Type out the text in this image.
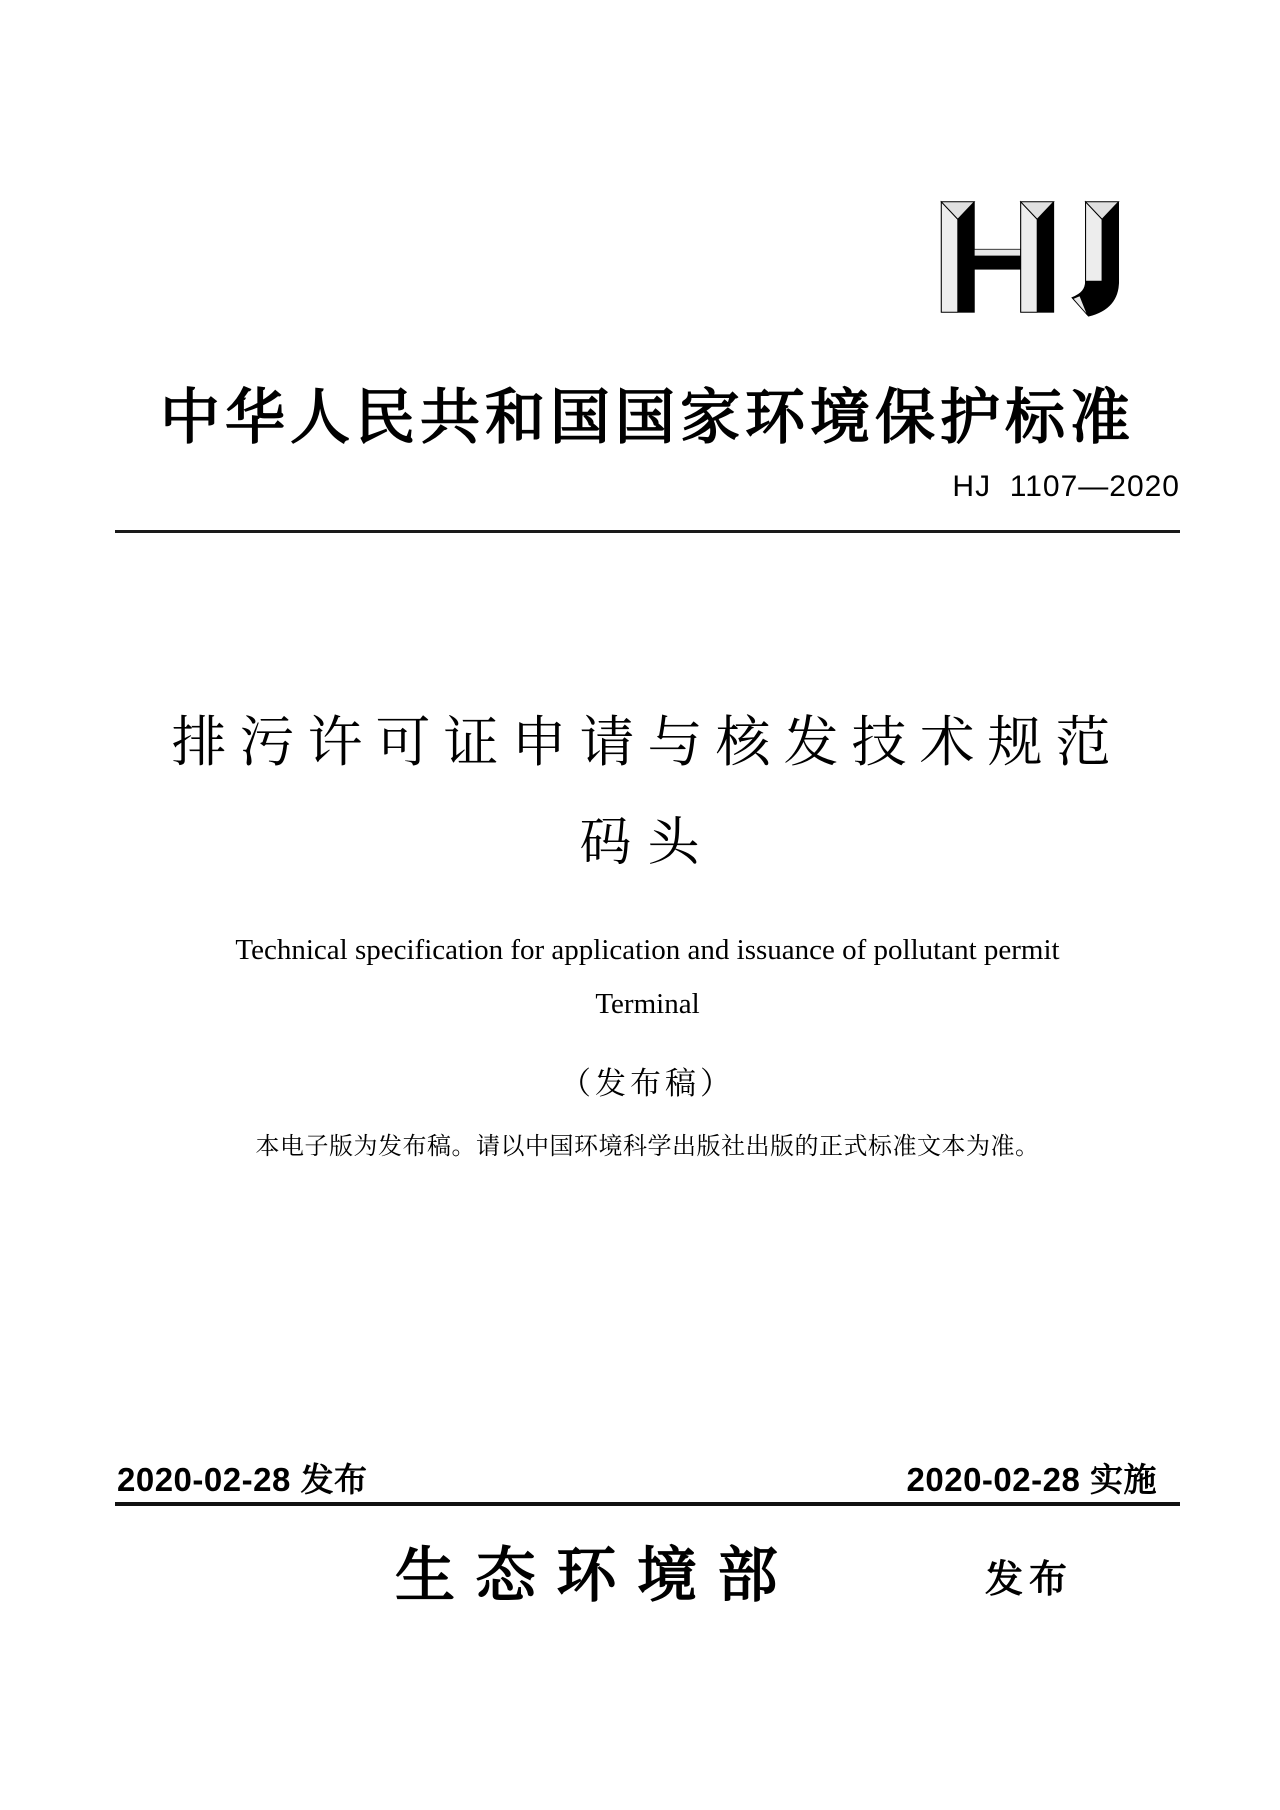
中华人民共和国国家环境保护标准
HJ  1107—2020
排污许可证申请与核发技术规范
码头
Technical specification for application and issuance of pollutant permit
Terminal
（发布稿）
本电子版为发布稿。请以中国环境科学出版社出版的正式标准文本为准。
2020-02-28 发布	2020-02-28 实施
生 态 环 境 部	发布
